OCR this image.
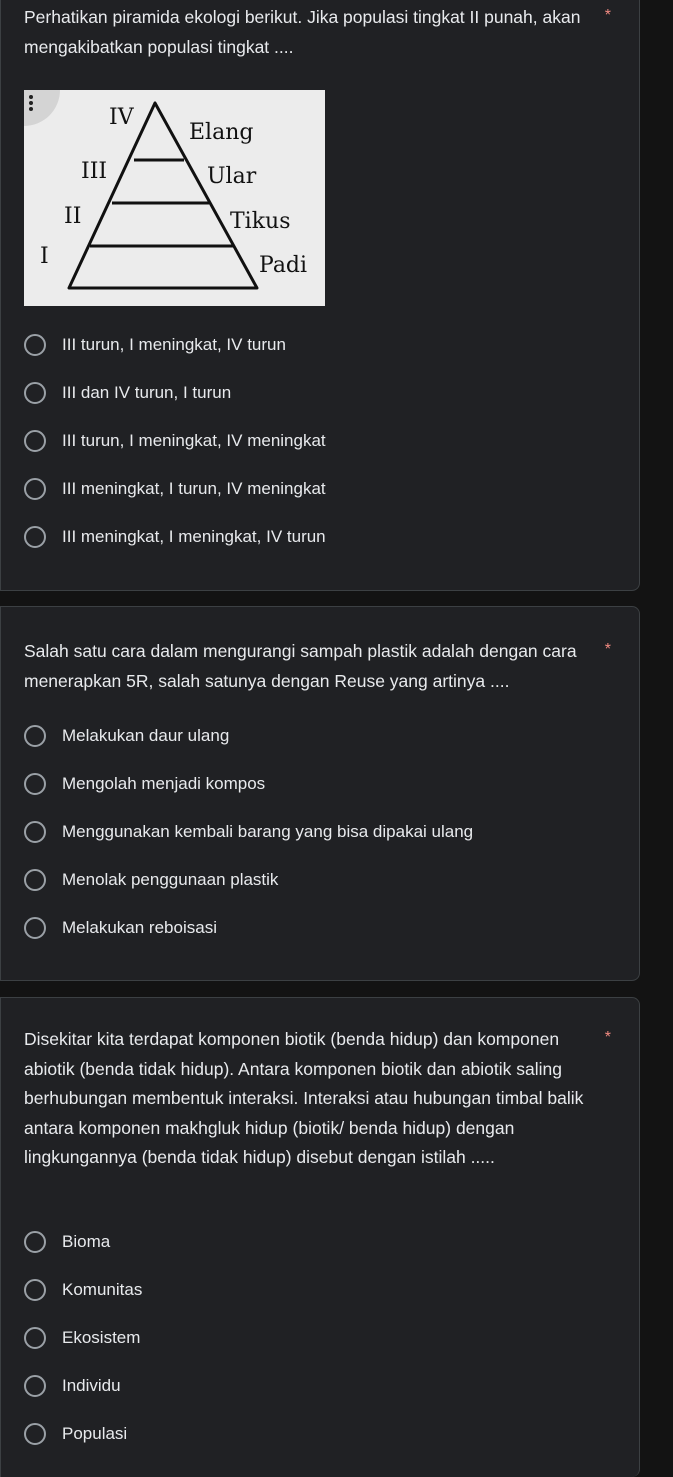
Perhatikan piramida ekologi berikut. Jika populasi tingkat II punah, akan mengakibatkan populasi tingkat ....
*
IV
III
II
I
Elang
Ular
Tikus
Padi
III turun, I meningkat, IV turun
III dan IV turun, I turun
III turun, I meningkat, IV meningkat
III meningkat, I turun, IV meningkat
III meningkat, I meningkat, IV turun
Salah satu cara dalam mengurangi sampah plastik adalah dengan cara menerapkan 5R, salah satunya dengan Reuse yang artinya ....
*
Melakukan daur ulang
Mengolah menjadi kompos
Menggunakan kembali barang yang bisa dipakai ulang
Menolak penggunaan plastik
Melakukan reboisasi
Disekitar kita terdapat komponen biotik (benda hidup) dan komponen abiotik (benda tidak hidup). Antara komponen biotik dan abiotik saling berhubungan membentuk interaksi. Interaksi atau hubungan timbal balik antara komponen makhgluk hidup (biotik/ benda hidup) dengan lingkungannya (benda tidak hidup) disebut dengan istilah .....
*
Bioma
Komunitas
Ekosistem
Individu
Populasi
